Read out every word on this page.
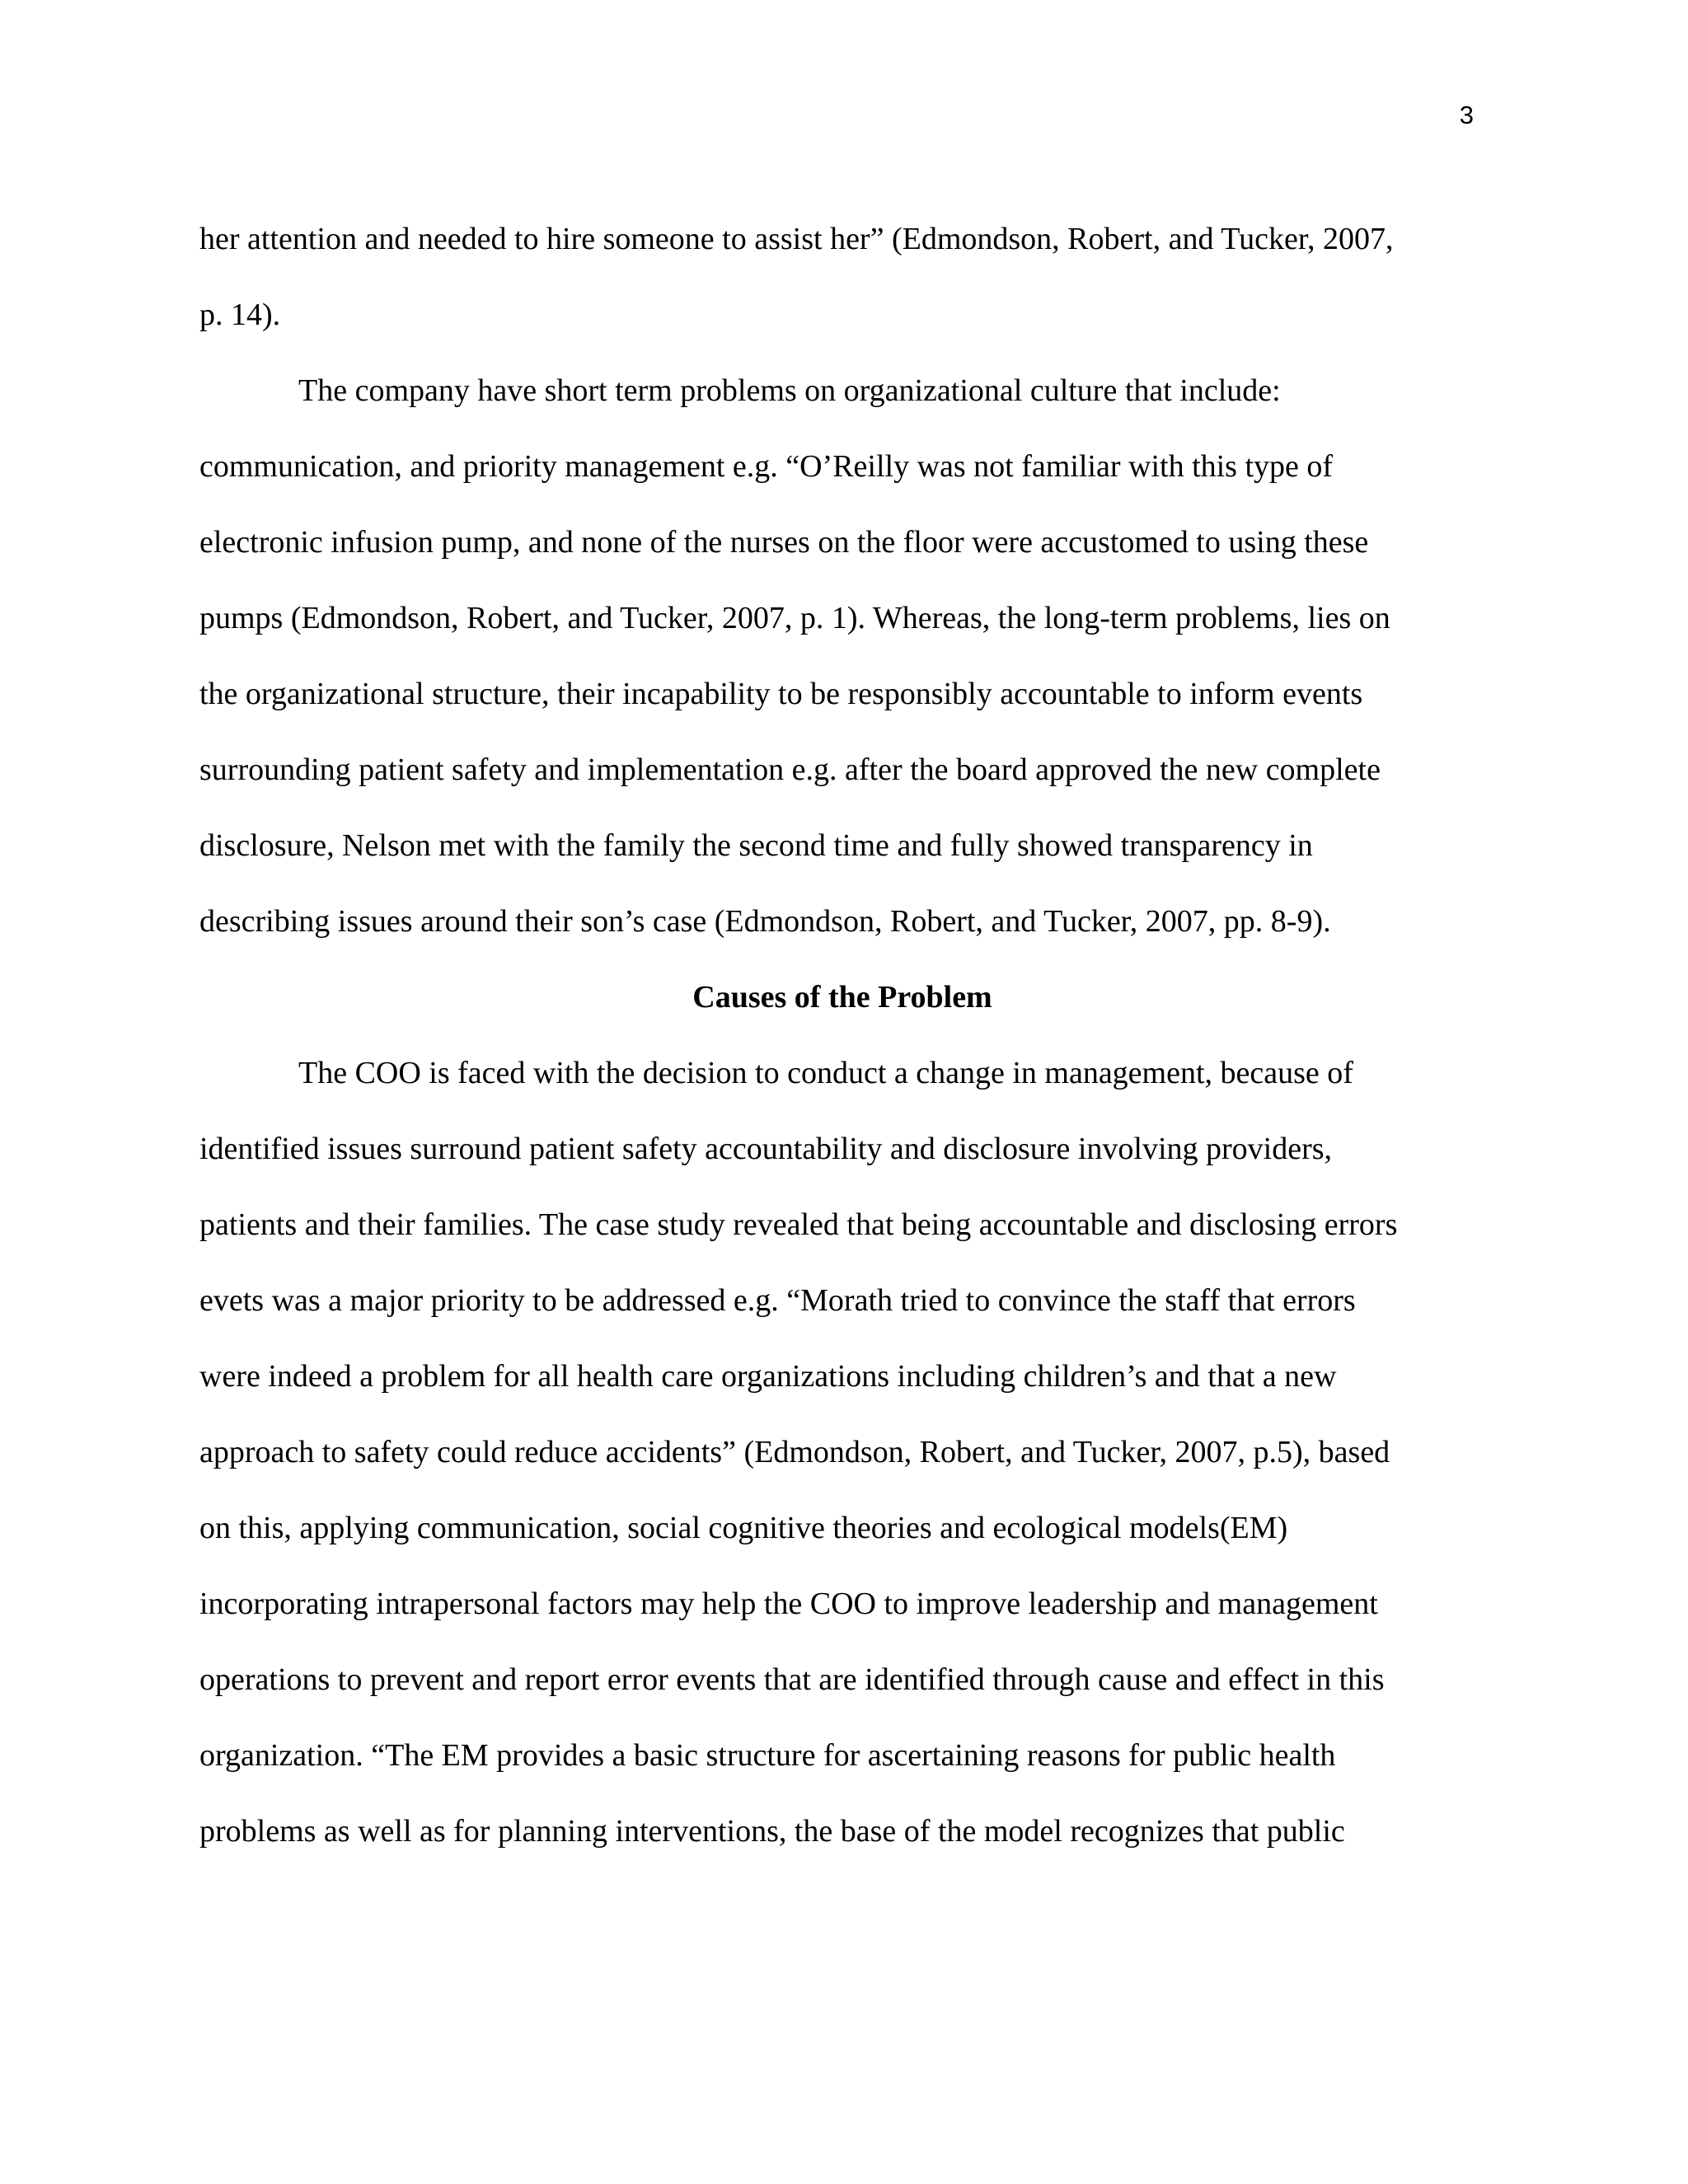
3

her attention and needed to hire someone to assist her” (Edmondson, Robert, and Tucker, 2007,
p. 14).

The company have short term problems on organizational culture that include:
communication, and priority management e.g. “O’Reilly was not familiar with this type of
electronic infusion pump, and none of the nurses on the floor were accustomed to using these
pumps (Edmondson, Robert, and Tucker, 2007, p. 1). Whereas, the long-term problems, lies on
the organizational structure, their incapability to be responsibly accountable to inform events
surrounding patient safety and implementation e.g. after the board approved the new complete
disclosure, Nelson met with the family the second time and fully showed transparency in
describing issues around their son’s case (Edmondson, Robert, and Tucker, 2007, pp. 8-9).

Causes of the Problem

The COO is faced with the decision to conduct a change in management, because of
identified issues surround patient safety accountability and disclosure involving providers,
patients and their families. The case study revealed that being accountable and disclosing errors
evets was a major priority to be addressed e.g. “Morath tried to convince the staff that errors
were indeed a problem for all health care organizations including children’s and that a new
approach to safety could reduce accidents” (Edmondson, Robert, and Tucker, 2007, p.5), based
on this, applying communication, social cognitive theories and ecological models(EM)
incorporating intrapersonal factors may help the COO to improve leadership and management
operations to prevent and report error events that are identified through cause and effect in this
organization. “The EM provides a basic structure for ascertaining reasons for public health
problems as well as for planning interventions, the base of the model recognizes that public
